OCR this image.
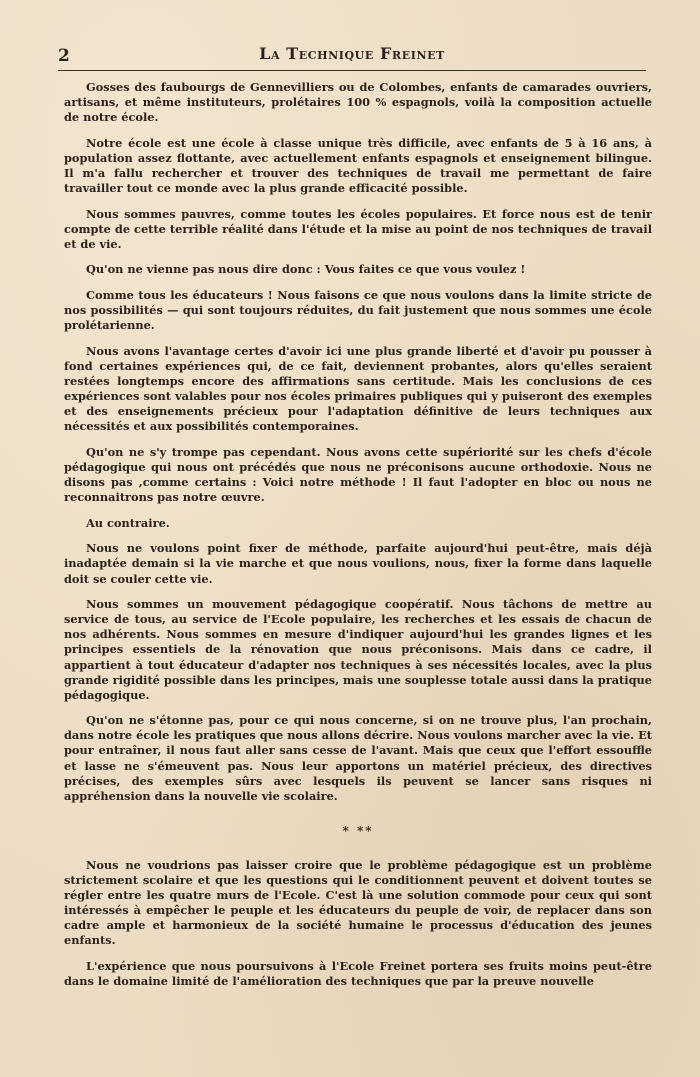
2	La Technique Freinet

Gosses des faubourgs de Gennevilliers ou de Colombes, enfants de camarades ouvriers, artisans, et même instituteurs, prolétaires 100 % espagnols, voilà la composition actuelle de notre école.

Notre école est une école à classe unique très difficile, avec enfants de 5 à 16 ans, à population assez flottante, avec actuellement enfants espagnols et enseignement bilingue. Il m'a fallu rechercher et trouver des techniques de travail me permettant de faire travailler tout ce monde avec la plus grande efficacité possible.

Nous sommes pauvres, comme toutes les écoles populaires. Et force nous est de tenir compte de cette terrible réalité dans l'étude et la mise au point de nos techniques de travail et de vie.

Qu'on ne vienne pas nous dire donc : Vous faites ce que vous voulez !

Comme tous les éducateurs ! Nous faisons ce que nous voulons dans la limite stricte de nos possibilités — qui sont toujours réduites, du fait justement que nous sommes une école prolétarienne.

Nous avons l'avantage certes d'avoir ici une plus grande liberté et d'avoir pu pousser à fond certaines expériences qui, de ce fait, deviennent probantes, alors qu'elles seraient restées longtemps encore des affirmations sans certitude. Mais les conclusions de ces expériences sont valables pour nos écoles primaires publiques qui y puiseront des exemples et des enseignements précieux pour l'adaptation définitive de leurs techniques aux nécessités et aux possibilités contemporaines.

Qu'on ne s'y trompe pas cependant. Nous avons cette supériorité sur les chefs d'école pédagogique qui nous ont précédés que nous ne préconisons aucune orthodoxie. Nous ne disons pas ,comme certains : Voici notre méthode ! Il faut l'adopter en bloc ou nous ne reconnaitrons pas notre œuvre.

Au contraire.

Nous ne voulons point fixer de méthode, parfaite aujourd'hui peut-être, mais déjà inadaptée demain si la vie marche et que nous voulions, nous, fixer la forme dans laquelle doit se couler cette vie.

Nous sommes un mouvement pédagogique coopératif. Nous tâchons de mettre au service de tous, au service de l'Ecole populaire, les recherches et les essais de chacun de nos adhérents. Nous sommes en mesure d'indiquer aujourd'hui les grandes lignes et les principes essentiels de la rénovation que nous préconisons. Mais dans ce cadre, il appartient à tout éducateur d'adapter nos techniques à ses nécessités locales, avec la plus grande rigidité possible dans les principes, mais une souplesse totale aussi dans la pratique pédagogique.

Qu'on ne s'étonne pas, pour ce qui nous concerne, si on ne trouve plus, l'an prochain, dans notre école les pratiques que nous allons décrire. Nous voulons marcher avec la vie. Et pour entraîner, il nous faut aller sans cesse de l'avant. Mais que ceux que l'effort essouffle et lasse ne s'émeuvent pas. Nous leur apportons un matériel précieux, des directives précises, des exemples sûrs avec lesquels ils peuvent se lancer sans risques ni appréhension dans la nouvelle vie scolaire.

* **

Nous ne voudrions pas laisser croire que le problème pédagogique est un problème strictement scolaire et que les questions qui le conditionnent peuvent et doivent toutes se régler entre les quatre murs de l'Ecole. C'est là une solution commode pour ceux qui sont intéressés à empêcher le peuple et les éducateurs du peuple de voir, de replacer dans son cadre ample et harmonieux de la société humaine le processus d'éducation des jeunes enfants.

L'expérience que nous poursuivons à l'Ecole Freinet portera ses fruits moins peut-être dans le domaine limité de l'amélioration des techniques que par la preuve nouvelle
